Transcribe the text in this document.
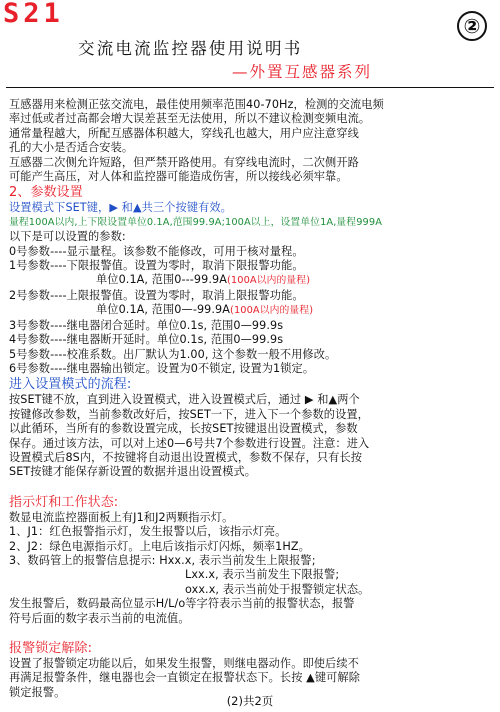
S21	②
交流电流监控器使用说明书
—外置互感器系列
互感器用来检测正弦交流电，最佳使用频率范围40-70Hz，检测的交流电频
率过低或者过高都会增大误差甚至无法使用，所以不建议检测变频电流。
通常量程越大，所配互感器体积越大，穿线孔也越大，用户应注意穿线
孔的大小是否适合安装。
互感器二次侧允许短路，但严禁开路使用。有穿线电流时，二次侧开路
可能产生高压，对人体和监控器可能造成伤害，所以接线必须牢靠。
2、参数设置
设置模式下SET键，▶ 和▲共三个按键有效。
量程100A以内,上下限设置单位0.1A,范围99.9A;100A以上，设置单位1A,量程999A
以下是可以设置的参数:
0号参数----显示量程。该参数不能修改，可用于核对量程。
1号参数----下限报警值。设置为零时，取消下限报警功能。
单位0.1A, 范围0---99.9A(100A以内的量程)
2号参数----上限报警值。设置为零时，取消上限报警功能。
单位0.1A, 范围0—-99.9A(100A以内的量程)
3号参数----继电器闭合延时。单位0.1s, 范围0—99.9s
4号参数----继电器断开延时。单位0.1s, 范围0—99.9s
5号参数----校准系数。出厂默认为1.00, 这个参数一般不用修改。
6号参数----继电器输出锁定。设置为0不锁定, 设置为1锁定。
进入设置模式的流程:
按SET键不放，直到进入设置模式，进入设置模式后，通过 ▶ 和▲两个
按键修改参数，当前参数改好后，按SET一下，进入下一个参数的设置，
以此循环，当所有的参数设置完成，长按SET按键退出设置模式，参数
保存。通过该方法，可以对上述0—6号共7个参数进行设置。注意：进入
设置模式后8S内，不按键将自动退出设置模式，参数不保存，只有长按
SET按键才能保存新设置的数据并退出设置模式。
指示灯和工作状态:
数显电流监控器面板上有J1和J2两颗指示灯。
1、J1：红色报警指示灯，发生报警以后，该指示灯亮。
2、J2：绿色电源指示灯。上电后该指示灯闪烁，频率1HZ。
3、数码管上的报警信息提示: Hxx.x, 表示当前发生上限报警;
Lxx.x, 表示当前发生下限报警;
oxx.x, 表示当前处于报警锁定状态。
发生报警后，数码最高位显示H/L/o等字符表示当前的报警状态，报警
符号后面的数字表示当前的电流值。
报警锁定解除:
设置了报警锁定功能以后，如果发生报警，则继电器动作。即使后续不
再满足报警条件，继电器也会一直锁定在报警状态下。长按 ▲键可解除
锁定报警。
(2)共2页
